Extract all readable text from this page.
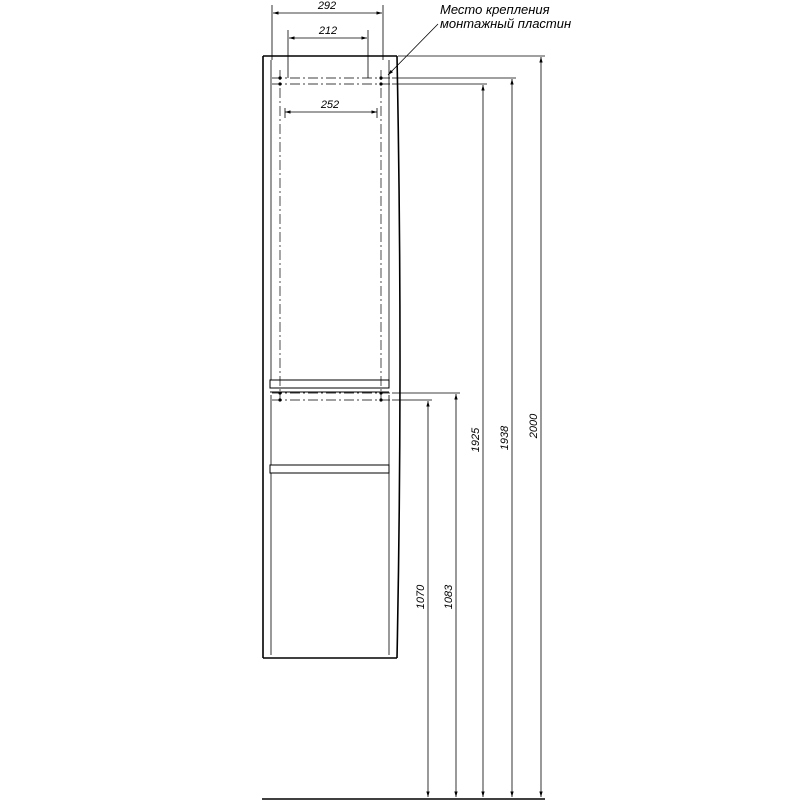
292
212
252
Место крепления
монтажный пластин
2000
1938
1925
1083
1070
